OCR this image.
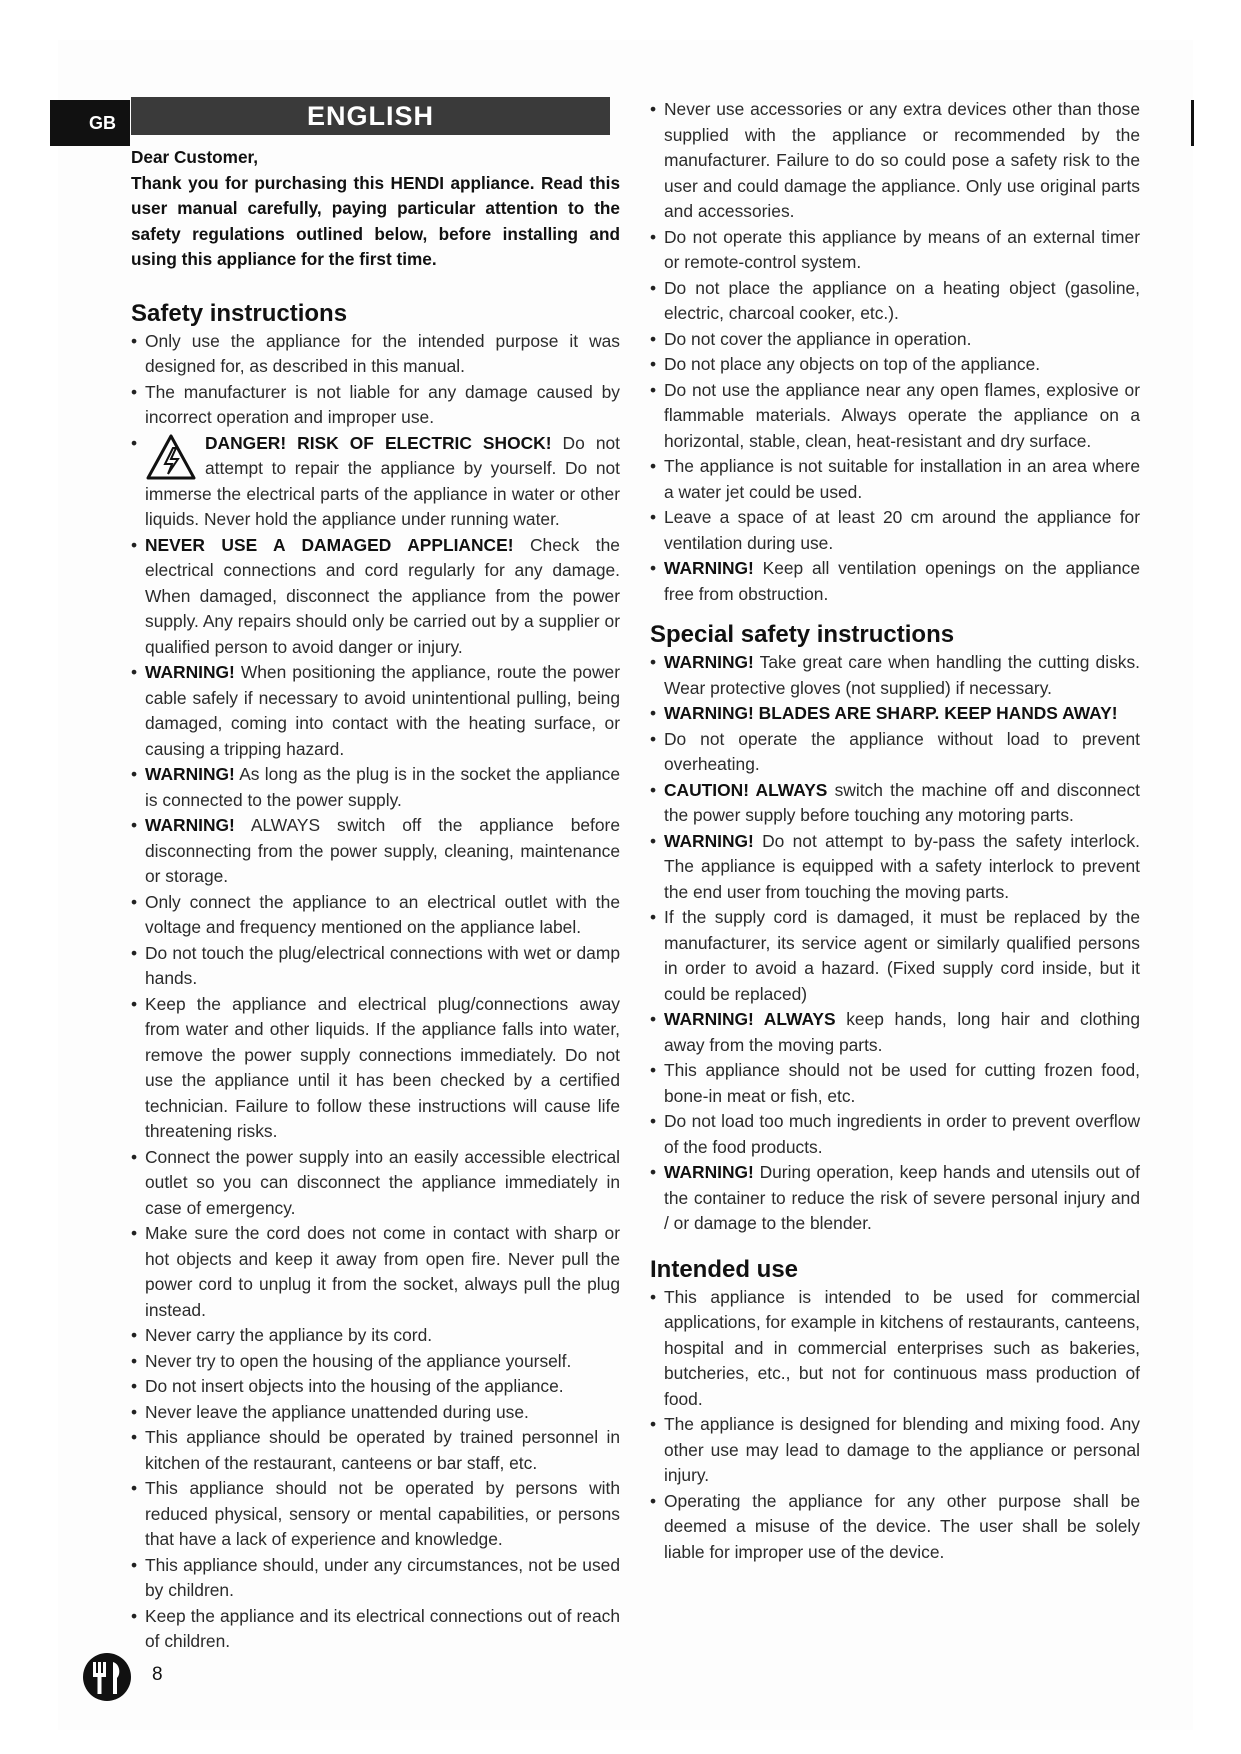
GB	ENGLISH

Dear Customer,

Thank you for purchasing this HENDI appliance. Read this user manual carefully, paying particular attention to the safety regulations outlined below, before installing and using this appliance for the first time.

Safety instructions
• Only use the appliance for the intended purpose it was designed for, as described in this manual.
• The manufacturer is not liable for any damage caused by incorrect operation and improper use.
• DANGER! RISK OF ELECTRIC SHOCK! Do not attempt to repair the appliance by yourself. Do not immerse the electrical parts of the appliance in water or other liquids. Never hold the appliance under running water.
• NEVER USE A DAMAGED APPLIANCE! Check the electrical connections and cord regularly for any damage. When damaged, disconnect the appliance from the power supply. Any repairs should only be carried out by a supplier or qualified person to avoid danger or injury.
• WARNING! When positioning the appliance, route the power cable safely if necessary to avoid unintentional pulling, being damaged, coming into contact with the heating surface, or causing a tripping hazard.
• WARNING! As long as the plug is in the socket the appliance is connected to the power supply.
• WARNING! ALWAYS switch off the appliance before disconnecting from the power supply, cleaning, maintenance or storage.
• Only connect the appliance to an electrical outlet with the voltage and frequency mentioned on the appliance label.
• Do not touch the plug/electrical connections with wet or damp hands.
• Keep the appliance and electrical plug/connections away from water and other liquids. If the appliance falls into water, remove the power supply connections immediately. Do not use the appliance until it has been checked by a certified technician. Failure to follow these instructions will cause life threatening risks.
• Connect the power supply into an easily accessible electrical outlet so you can disconnect the appliance immediately in case of emergency.
• Make sure the cord does not come in contact with sharp or hot objects and keep it away from open fire. Never pull the power cord to unplug it from the socket, always pull the plug instead.
• Never carry the appliance by its cord.
• Never try to open the housing of the appliance yourself.
• Do not insert objects into the housing of the appliance.
• Never leave the appliance unattended during use.
• This appliance should be operated by trained personnel in kitchen of the restaurant, canteens or bar staff, etc.
• This appliance should not be operated by persons with reduced physical, sensory or mental capabilities, or persons that have a lack of experience and knowledge.
• This appliance should, under any circumstances, not be used by children.
• Keep the appliance and its electrical connections out of reach of children.
• Never use accessories or any extra devices other than those supplied with the appliance or recommended by the manufacturer. Failure to do so could pose a safety risk to the user and could damage the appliance. Only use original parts and accessories.
• Do not operate this appliance by means of an external timer or remote-control system.
• Do not place the appliance on a heating object (gasoline, electric, charcoal cooker, etc.).
• Do not cover the appliance in operation.
• Do not place any objects on top of the appliance.
• Do not use the appliance near any open flames, explosive or flammable materials. Always operate the appliance on a horizontal, stable, clean, heat-resistant and dry surface.
• The appliance is not suitable for installation in an area where a water jet could be used.
• Leave a space of at least 20 cm around the appliance for ventilation during use.
• WARNING! Keep all ventilation openings on the appliance free from obstruction.
Special safety instructions
• WARNING! Take great care when handling the cutting disks. Wear protective gloves (not supplied) if necessary.
• WARNING! BLADES ARE SHARP. KEEP HANDS AWAY!
• Do not operate the appliance without load to prevent overheating.
• CAUTION! ALWAYS switch the machine off and disconnect the power supply before touching any motoring parts.
• WARNING! Do not attempt to by-pass the safety interlock. The appliance is equipped with a safety interlock to prevent the end user from touching the moving parts.
• If the supply cord is damaged, it must be replaced by the manufacturer, its service agent or similarly qualified persons in order to avoid a hazard. (Fixed supply cord inside, but it could be replaced)
• WARNING! ALWAYS keep hands, long hair and clothing away from the moving parts.
• This appliance should not be used for cutting frozen food, bone-in meat or fish, etc.
• Do not load too much ingredients in order to prevent overflow of the food products.
• WARNING! During operation, keep hands and utensils out of the container to reduce the risk of severe personal injury and / or damage to the blender.
Intended use
• This appliance is intended to be used for commercial applications, for example in kitchens of restaurants, canteens, hospital and in commercial enterprises such as bakeries, butcheries, etc., but not for continuous mass production of food.
• The appliance is designed for blending and mixing food. Any other use may lead to damage to the appliance or personal injury.
• Operating the appliance for any other purpose shall be deemed a misuse of the device. The user shall be solely liable for improper use of the device.
8
